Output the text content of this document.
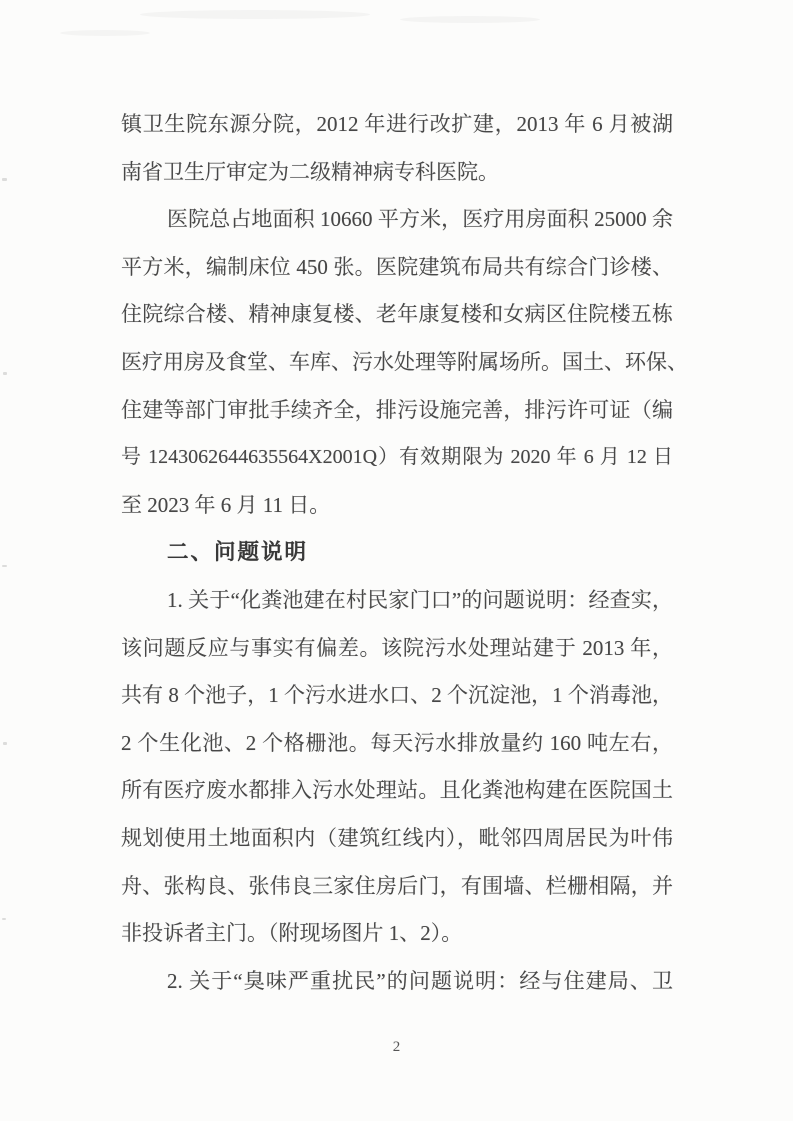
镇卫生院东源分院，2012 年进行改扩建，2013 年 6 月被湖
南省卫生厅审定为二级精神病专科医院。
医院总占地面积 10660 平方米，医疗用房面积 25000 余
平方米，编制床位 450 张。医院建筑布局共有综合门诊楼、
住院综合楼、精神康复楼、老年康复楼和女病区住院楼五栋
医疗用房及食堂、车库、污水处理等附属场所。国土、环保、
住建等部门审批手续齐全，排污设施完善，排污许可证（编
号 1243062644635564X2001Q）有效期限为 2020 年 6 月 12 日
至 2023 年 6 月 11 日。
二、问题说明
1. 关于“化粪池建在村民家门口”的问题说明：经查实，
该问题反应与事实有偏差。该院污水处理站建于 2013 年，
共有 8 个池子，1 个污水进水口、2 个沉淀池，1 个消毒池，
2 个生化池、2 个格栅池。每天污水排放量约 160 吨左右，
所有医疗废水都排入污水处理站。且化粪池构建在医院国土
规划使用土地面积内（建筑红线内），毗邻四周居民为叶伟
舟、张构良、张伟良三家住房后门，有围墙、栏栅相隔，并
非投诉者主门。（附现场图片 1、2）。
2. 关于“臭味严重扰民”的问题说明：经与住建局、卫
2
